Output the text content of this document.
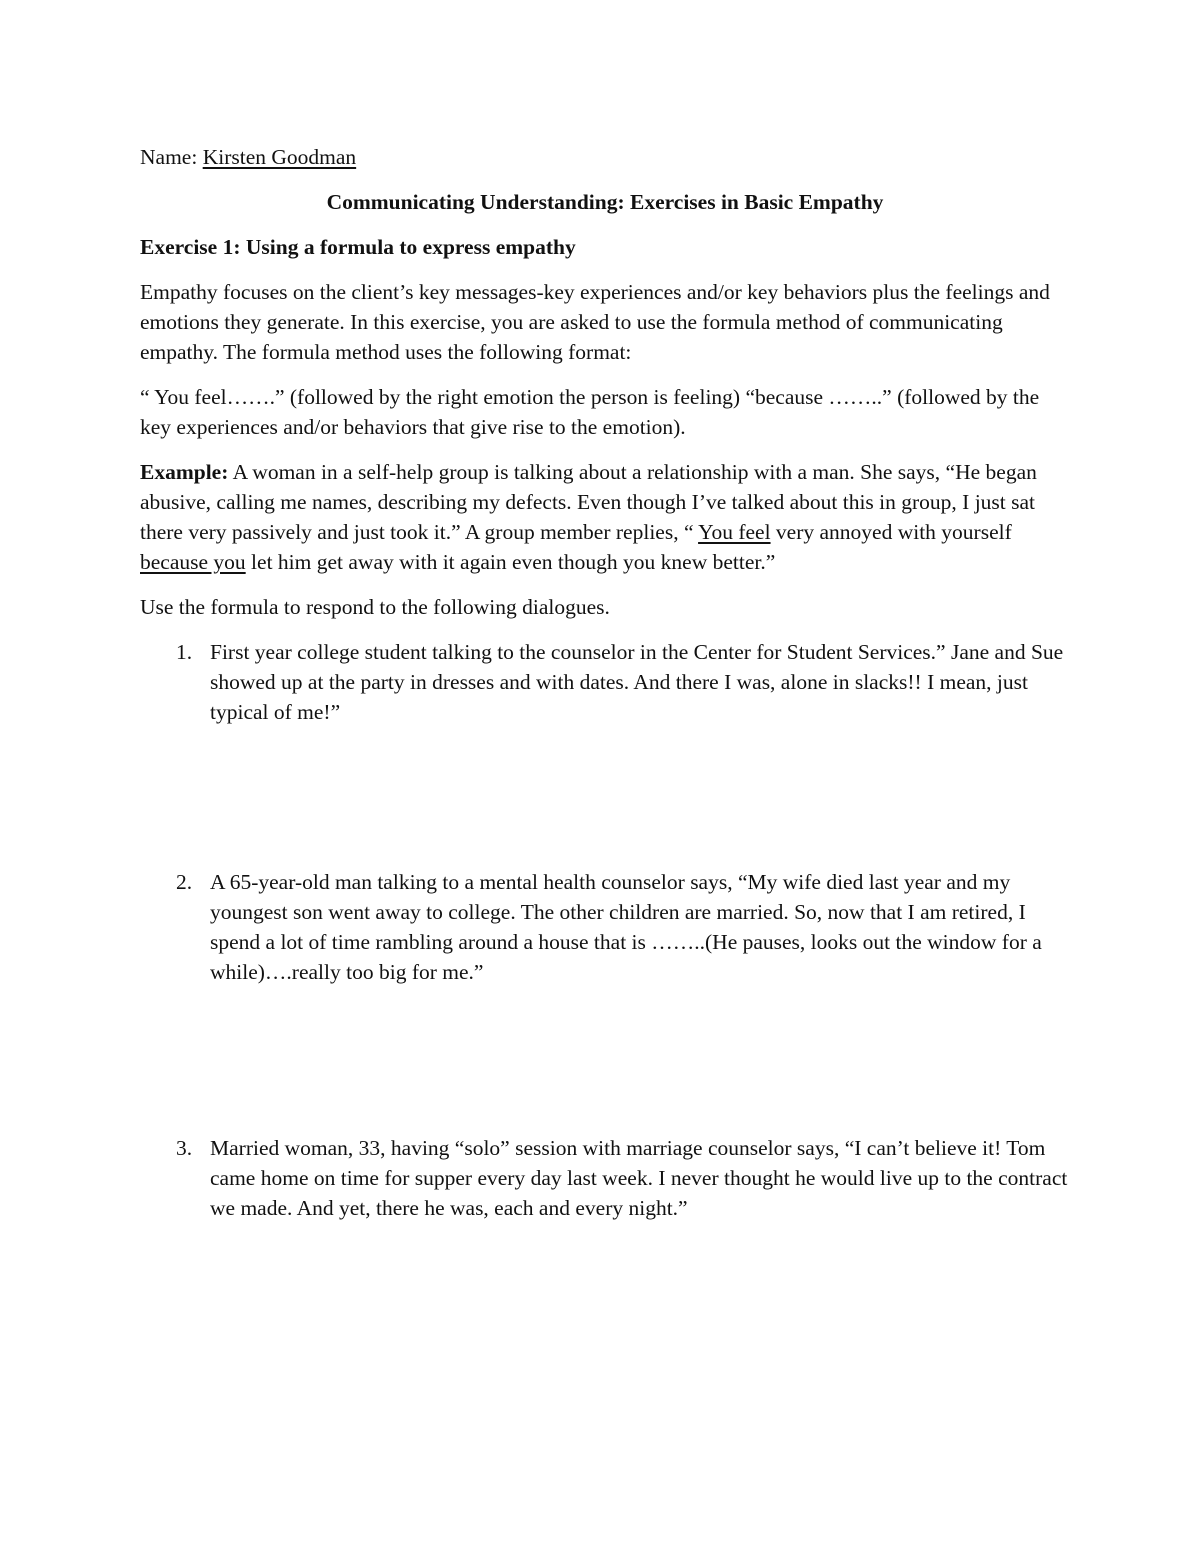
Name: Kirsten Goodman

Communicating Understanding: Exercises in Basic Empathy

Exercise 1: Using a formula to express empathy

Empathy focuses on the client’s key messages-key experiences and/or key behaviors plus the feelings and emotions they generate. In this exercise, you are asked to use the formula method of communicating empathy. The formula method uses the following format:

“ You feel…….” (followed by the right emotion the person is feeling) “because ……..” (followed by the key experiences and/or behaviors that give rise to the emotion).

Example: A woman in a self-help group is talking about a relationship with a man. She says, “He began abusive, calling me names, describing my defects. Even though I’ve talked about this in group, I just sat there very passively and just took it.” A group member replies, “ You feel very annoyed with yourself because you let him get away with it again even though you knew better.”

Use the formula to respond to the following dialogues.

1. First year college student talking to the counselor in the Center for Student Services.” Jane and Sue showed up at the party in dresses and with dates. And there I was, alone in slacks!! I mean, just typical of me!”
2. A 65-year-old man talking to a mental health counselor says, “My wife died last year and my youngest son went away to college. The other children are married. So, now that I am retired, I spend a lot of time rambling around a house that is ……..(He pauses, looks out the window for a while)….really too big for me.”
3. Married woman, 33, having “solo” session with marriage counselor says, “I can’t believe it! Tom came home on time for supper every day last week. I never thought he would live up to the contract we made. And yet, there he was, each and every night.”
